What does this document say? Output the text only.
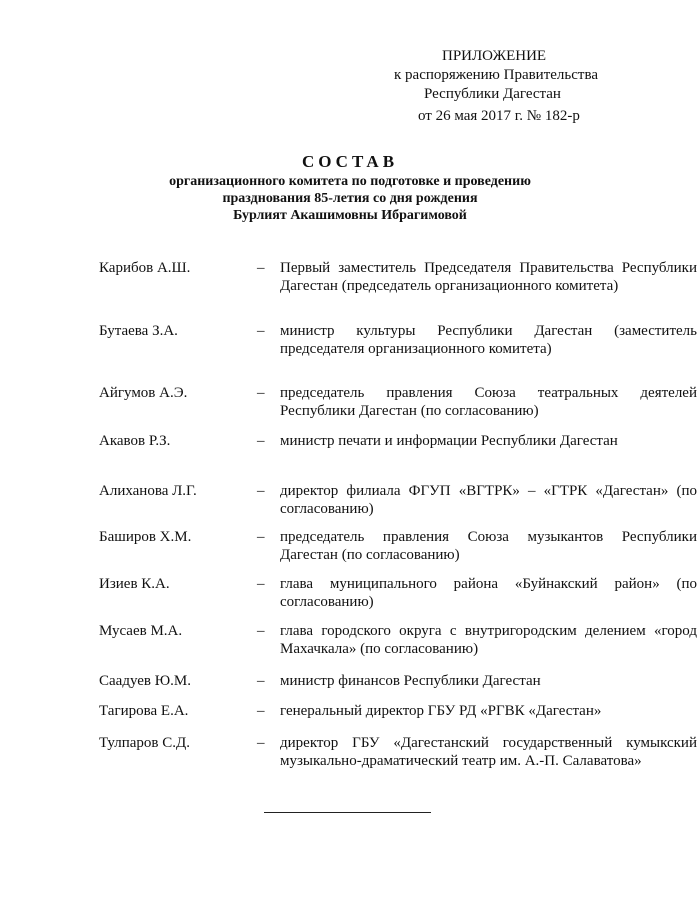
ПРИЛОЖЕНИЕ
к распоряжению Правительства
Республики Дагестан
от 26 мая 2017 г. № 182-р
СОСТАВ
организационного комитета по подготовке и проведению
празднования 85-летия со дня рождения
Бурлият Акашимовны Ибрагимовой
Карибов А.Ш.	– Первый заместитель Председателя Правительства Республики Дагестан (председатель организационного комитета)
Бутаева З.А.	– министр культуры Республики Дагестан (заместитель председателя организационного комитета)
Айгумов А.Э.	– председатель правления Союза театральных деятелей Республики Дагестан (по согласованию)
Акавов Р.З.	– министр печати и информации Республики Дагестан
Алиханова Л.Г.	– директор филиала ФГУП «ВГТРК» – «ГТРК «Дагестан» (по согласованию)
Баширов Х.М.	– председатель правления Союза музыкантов Республики Дагестан (по согласованию)
Изиев К.А.	– глава муниципального района «Буйнакский район» (по согласованию)
Мусаев М.А.	– глава городского округа с внутригородским делением «город Махачкала» (по согласованию)
Саадуев Ю.М.	– министр финансов Республики Дагестан
Тагирова Е.А.	– генеральный директор ГБУ РД «РГВК «Дагестан»
Тулпаров С.Д.	– директор ГБУ «Дагестанский государственный кумыкский музыкально-драматический театр им. А.-П. Салаватова»
